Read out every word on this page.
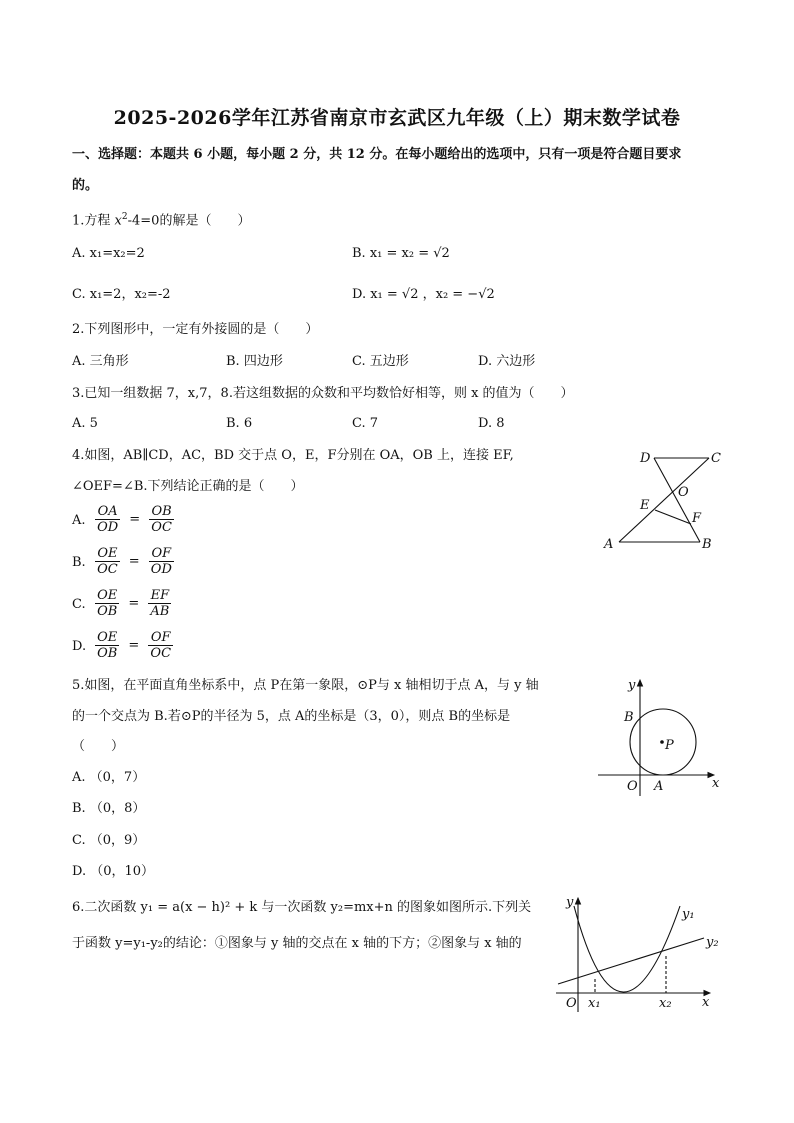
2025-2026学年江苏省南京市玄武区九年级（上）期末数学试卷
一、选择题：本题共 6 小题，每小题 2 分，共 12 分。在每小题给出的选项中，只有一项是符合题目要求
的。
1.方程 $x^2-4=0$的解是（　　）
A. x₁=x₂=2	B. x₁ = x₂ = √2
C. x₁=2，x₂=-2	D. x₁ = √2 ，x₂ = −√2
2.下列图形中，一定有外接圆的是（　　）
A. 三角形	B. 四边形	C. 五边形	D. 六边形
3.已知一组数据 7，x,7，8.若这组数据的众数和平均数恰好相等，则 x 的值为（　　）
A. 5	B. 6	C. 7	D. 8
4.如图，AB∥CD，AC，BD 交于点 O，E，F分别在 OA，OB 上，连接 EF,
∠OEF=∠B.下列结论正确的是（　　）
A. $\frac{OA}{OD} = \frac{OB}{OC}$
B. $\frac{OE}{OC} = \frac{OF}{OD}$
C. $\frac{OE}{OB} = \frac{EF}{AB}$
D. $\frac{OE}{OB} = \frac{OF}{OC}$
D	C
O
E
F
A	B
5.如图，在平面直角坐标系中，点 P在第一象限，⊙P与 x 轴相切于点 A，与 y 轴
的一个交点为 B.若⊙P的半径为 5，点 A的坐标是（3，0），则点 B的坐标是
（　　）
A. （0，7）
B. （0，8）
C. （0，9）
D. （0，10）
y
B
P
O A	x
6.二次函数 y₁ = a(x − h)² + k 与一次函数 y₂=mx+n 的图象如图所示.下列关
于函数 y=y₁-y₂的结论：①图象与 y 轴的交点在 x 轴的下方；②图象与 x 轴的
y
y₁
y₂
O x₁	x₂ x
